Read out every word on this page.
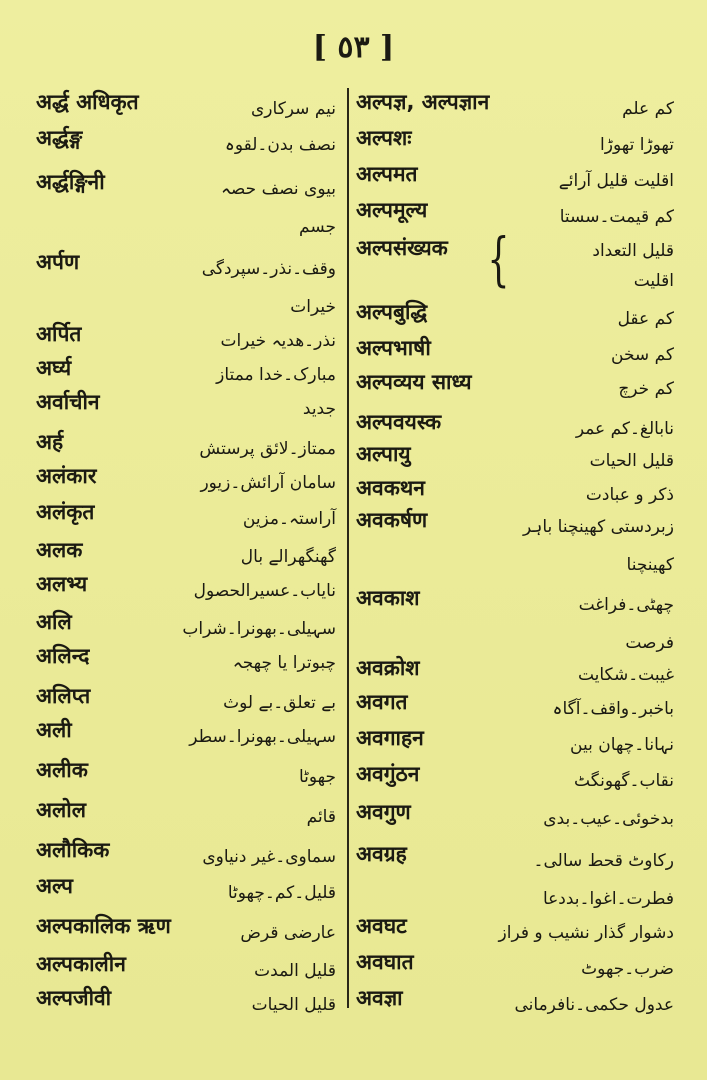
[ ٥٣ ]
{
अर्द्ध अधिकृत	نیم سرکاری
अर्द्धङ्ग	نصف بدن۔لقوہ
अर्द्धङ्गिनी	بیوی نصف حصہ جسم
अर्पण	وقف۔نذر۔سپردگی خیرات
अर्पित	نذر۔ھدیہ خیرات
अर्घ्य	مبارک۔خدا ممتاز
अर्वाचीन	جدید
अर्ह	ممتاز۔لائق پرستش
अलंकार	سامان آرائش۔زیور
अलंकृत	آراستہ۔مزین
अलक	گھنگھرالے بال
अलभ्य	نایاب۔عسیرالحصول
अलि	سہیلی۔بھونرا۔شراب
अलिन्द	چبوترا یا چھجہ
अलिप्त	بے تعلق۔بے لوث
अली	سہیلی۔بھونرا۔سطر
अलीक	جھوٹا
अलोल	قائم
अलौकिक	سماوی۔غیر دنیاوی
अल्प	قلیل۔کم۔چھوٹا
अल्पकालिक ऋण	عارضی قرض
अल्पकालीन	قلیل المدت
अल्पजीवी	قلیل الحیات
अल्पज्ञ, अल्पज्ञान	کم علم
अल्पशः	تھوڑا تھوڑا
अल्पमत	اقلیت قلیل آرائے
अल्पमूल्य	کم قیمت۔سستا
अल्पसंख्यक	قلیل التعداد اقلیت
अल्पबुद्धि	کم عقل
अल्पभाषी	کم سخن
अल्पव्यय साध्य	کم خرچ
अल्पवयस्क	نابالغ۔کم عمر
अल्पायु	قلیل الحیات
अवकथन	ذکر و عبادت
अवकर्षण	زبردستی کھینچنا باہر کھینچنا
अवकाश	چھٹی۔فراغت فرصت
अवक्रोश	غیبت۔شکایت
अवगत	باخبر۔واقف۔آگاہ
अवगाहन	نہانا۔چھان بین
अवगुंठन	نقاب۔گھونگٹ
अवगुण	بدخوئی۔عیب۔بدی
अवग्रह	رکاوٹ قحط سالی۔ فطرت۔اغوا۔بددعا
अवघट	دشوار گذار نشیب و فراز
अवघात	ضرب۔جھوٹ
अवज्ञा	عدول حکمی۔نافرمانی
